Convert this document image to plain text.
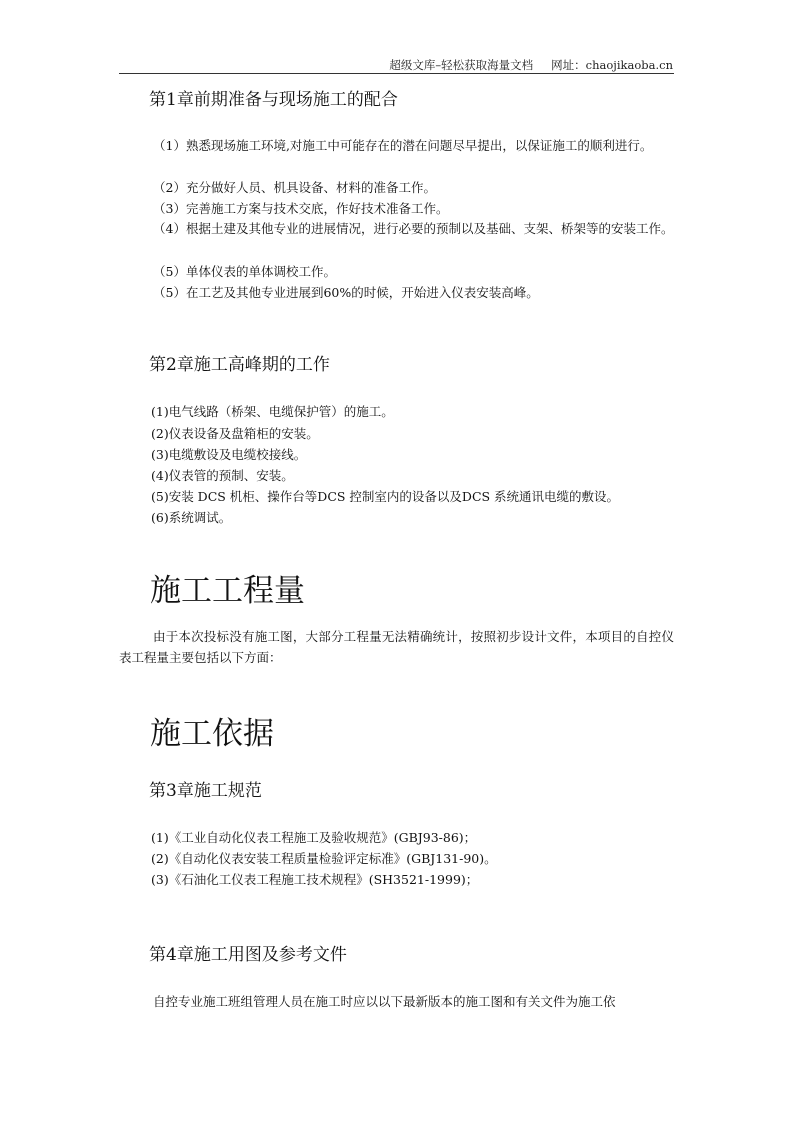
超级文库–轻松获取海量文档 网址：chaojikaoba.cn
第1章前期准备与现场施工的配合
（1）熟悉现场施工环境,对施工中可能存在的潜在问题尽早提出，以保证施工的顺利进行。
（2）充分做好人员、机具设备、材料的准备工作。
（3）完善施工方案与技术交底，作好技术准备工作。
（4）根据土建及其他专业的进展情况，进行必要的预制以及基础、支架、桥架等的安装工作。
（5）单体仪表的单体调校工作。
（5）在工艺及其他专业进展到60%的时候，开始进入仪表安装高峰。
第2章施工高峰期的工作
(1)电气线路（桥架、电缆保护管）的施工。
(2)仪表设备及盘箱柜的安装。
(3)电缆敷设及电缆校接线。
(4)仪表管的预制、安装。
(5)安装 DCS 机柜、操作台等DCS 控制室内的设备以及DCS 系统通讯电缆的敷设。
(6)系统调试。
施工工程量
由于本次投标没有施工图，大部分工程量无法精确统计，按照初步设计文件，本项目的自控仪表工程量主要包括以下方面：
施工依据
第3章施工规范
(1)《工业自动化仪表工程施工及验收规范》(GBJ93-86)；
(2)《自动化仪表安装工程质量检验评定标准》(GBJ131-90)。
(3)《石油化工仪表工程施工技术规程》(SH3521-1999)；
第4章施工用图及参考文件
自控专业施工班组管理人员在施工时应以以下最新版本的施工图和有关文件为施工依
